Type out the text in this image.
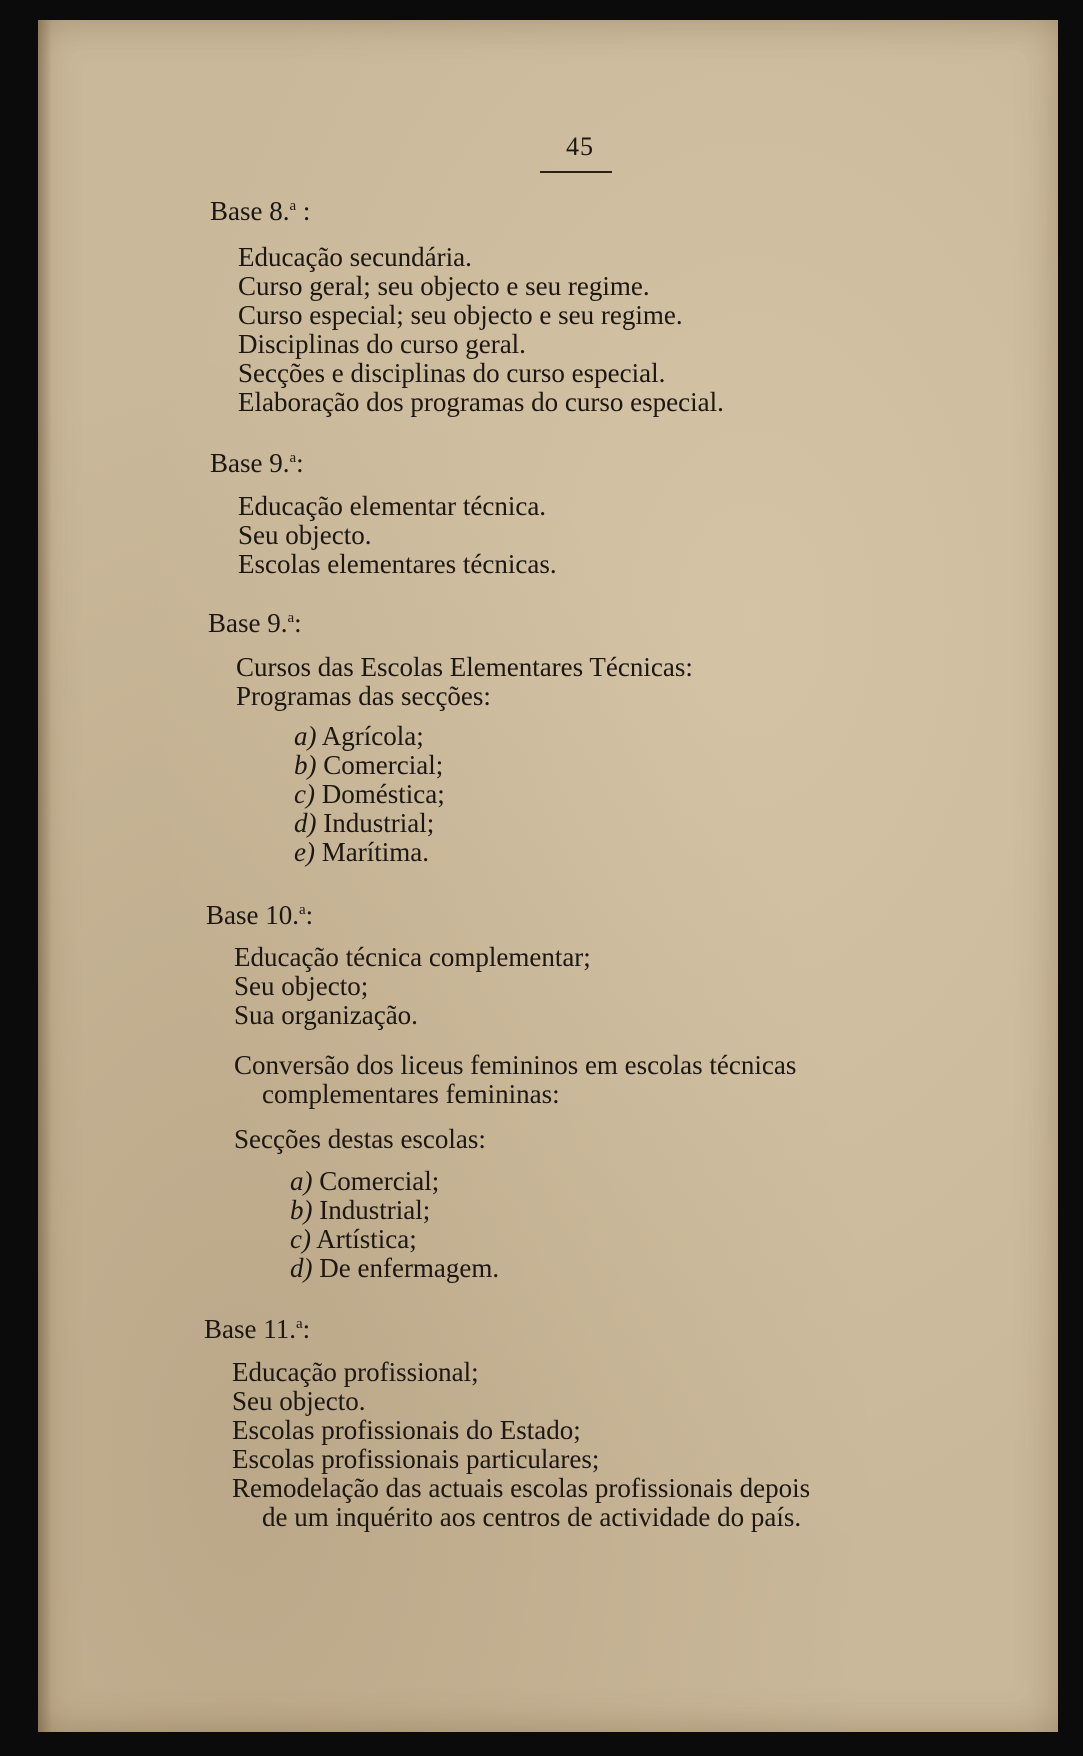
45
Base 8.$^a$ :
Educação secundária.
Curso geral; seu objecto e seu regime.
Curso especial; seu objecto e seu regime.
Disciplinas do curso geral.
Secções e disciplinas do curso especial.
Elaboração dos programas do curso especial.
Base 9.$^a$:
Educação elementar técnica.
Seu objecto.
Escolas elementares técnicas.
Base 9.$^a$:
Cursos das Escolas Elementares Técnicas:
Programas das secções:
a) Agrícola;
b) Comercial;
c) Doméstica;
d) Industrial;
e) Marítima.
Base 10.$^a$:
Educação técnica complementar;
Seu objecto;
Sua organização.
Conversão dos liceus femininos em escolas técnicas
complementares femininas:
Secções destas escolas:
a) Comercial;
b) Industrial;
c) Artística;
d) De enfermagem.
Base 11.$^a$:
Educação profissional;
Seu objecto.
Escolas profissionais do Estado;
Escolas profissionais particulares;
Remodelação das actuais escolas profissionais depois
de um inquérito aos centros de actividade do país.
